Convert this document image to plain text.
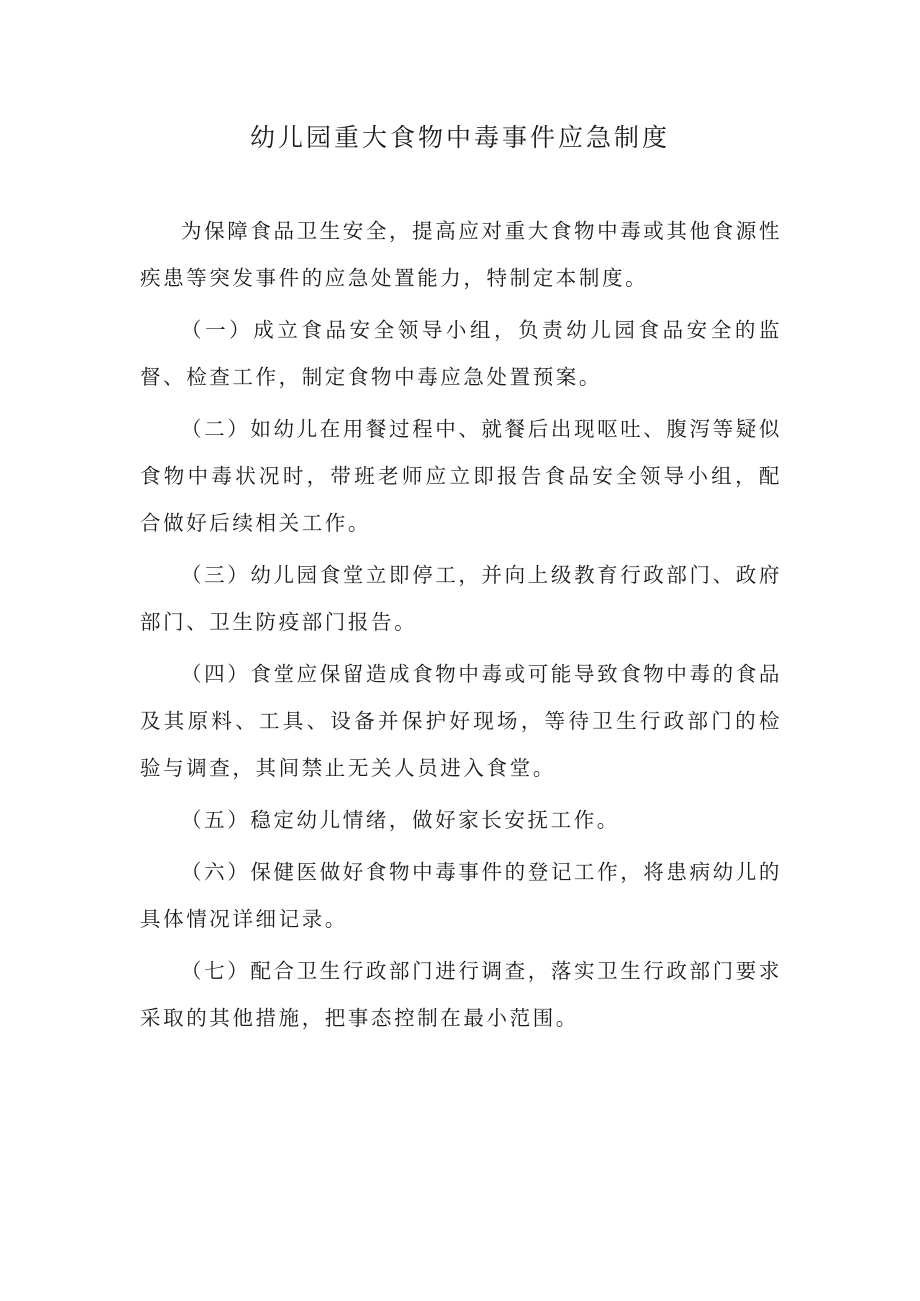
幼儿园重大食物中毒事件应急制度

为保障食品卫生安全，提高应对重大食物中毒或其他食源性疾患等突发事件的应急处置能力，特制定本制度。

（一）成立食品安全领导小组，负责幼儿园食品安全的监督、检查工作，制定食物中毒应急处置预案。

（二）如幼儿在用餐过程中、就餐后出现呕吐、腹泻等疑似食物中毒状况时，带班老师应立即报告食品安全领导小组，配合做好后续相关工作。

（三）幼儿园食堂立即停工，并向上级教育行政部门、政府部门、卫生防疫部门报告。

（四）食堂应保留造成食物中毒或可能导致食物中毒的食品及其原料、工具、设备并保护好现场，等待卫生行政部门的检验与调查，其间禁止无关人员进入食堂。

（五）稳定幼儿情绪，做好家长安抚工作。

（六）保健医做好食物中毒事件的登记工作，将患病幼儿的具体情况详细记录。

（七）配合卫生行政部门进行调查，落实卫生行政部门要求采取的其他措施，把事态控制在最小范围。
